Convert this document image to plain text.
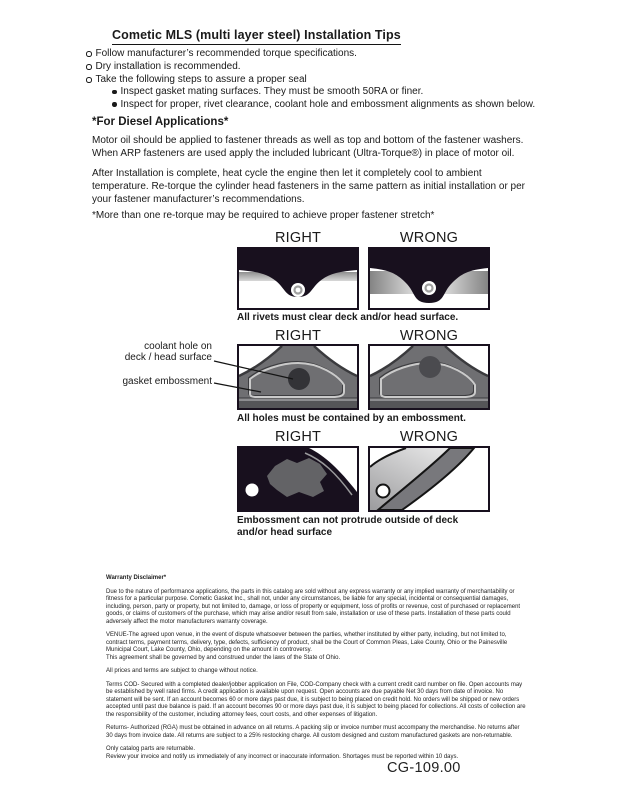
Cometic MLS (multi layer steel) Installation Tips
Follow manufacturer’s recommended torque specifications.
Dry installation is recommended.
Take the following steps to assure a proper seal
Inspect gasket mating surfaces. They must be smooth 50RA or finer.
Inspect for proper, rivet clearance, coolant hole and embossment alignments as shown below.
*For Diesel Applications*
Motor oil should be applied to fastener threads as well as top and bottom of the fastener washers. When ARP fasteners are used apply the included lubricant (Ultra-Torque®) in place of motor oil.
After Installation is complete, heat cycle the engine then let it completely cool to ambient temperature. Re-torque the cylinder head fasteners in the same pattern as initial installation or per your fastener manufacturer’s recommendations.
*More than one re-torque may be required to achieve proper fastener stretch*
RIGHT	WRONG
All rivets must clear deck and/or head surface.
RIGHT	WRONG
coolant hole on
deck / head surface
gasket embossment
All holes must be contained by an embossment.
RIGHT	WRONG
Embossment can not protrude outside of deck and/or head surface
Warranty Disclaimer*
Due to the nature of performance applications, the parts in this catalog are sold without any express warranty or any implied warranty of merchantability or fitness for a particular purpose. Cometic Gasket Inc., shall not, under any circumstances, be liable for any special, incidental or consequential damages, including, person, party or property, but not limited to, damage, or loss of property or equipment, loss of profits or revenue, cost of purchased or replacement goods, or claims of customers of the purchase, which may arise and/or result from sale, installation or use of these parts. Installation of these parts could adversely affect the motor manufacturers warranty coverage.
VENUE-The agreed upon venue, in the event of dispute whatsoever between the parties, whether instituted by either party, including, but not limited to, contract terms, payment terms, delivery, type, defects, sufficiency of product, shall be the Court of Common Pleas, Lake County, Ohio or the Painesville Municipal Court, Lake County, Ohio, depending on the amount in controversy.
This agreement shall be governed by and construed under the laws of the State of Ohio.
All prices and terms are subject to change without notice.
Terms COD- Secured with a completed dealer/jobber application on File, COD-Company check with a current credit card number on file. Open accounts may be established by well rated firms. A credit application is available upon request. Open accounts are due payable Net 30 days from date of invoice. No statement will be sent. If an account becomes 60 or more days past due, it is subject to being placed on credit hold. No orders will be shipped or new orders accepted until past due balance is paid. If an account becomes 90 or more days past due, it is subject to being placed for collections. All costs of collection are the responsibility of the customer, including attorney fees, court costs, and other expenses of litigation.
Returns- Authorized (RGA) must be obtained in advance on all returns. A packing slip or invoice number must accompany the merchandise. No returns after 30 days from invoice date. All returns are subject to a 25% restocking charge. All custom designed and custom manufactured gaskets are non-returnable.
Only catalog parts are returnable.
Review your invoice and notify us immediately of any incorrect or inaccurate information. Shortages must be reported within 10 days.
CG-109.00
